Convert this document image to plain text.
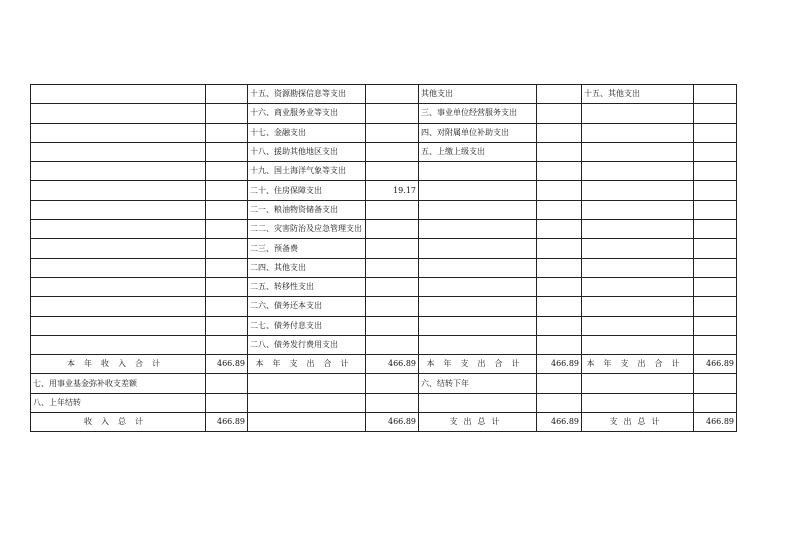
		十五、资源勘探信息等支出		其他支出		十五、其他支出	
		十六、商业服务业等支出		三、事业单位经营服务支出			
		十七、金融支出		四、对附属单位补助支出			
		十八、援助其他地区支出		五、上缴上级支出			
		十九、国土海洋气象等支出					
		二十、住房保障支出	19.17				
		二一、粮油物资储备支出					
		二二、灾害防治及应急管理支出					
		二三、预备费					
		二四、其他支出					
		二五、转移性支出					
		二六、债务还本支出					
		二七、债务付息支出					
		二八、债务发行费用支出					
本年收入合计	466.89	本年支出合计	466.89	本年支出合计	466.89	本年支出合计	466.89
七、用事业基金弥补收支差额				六、结转下年			
八、上年结转							
收入总计	466.89		466.89	支出总计	466.89	支出总计	466.89
